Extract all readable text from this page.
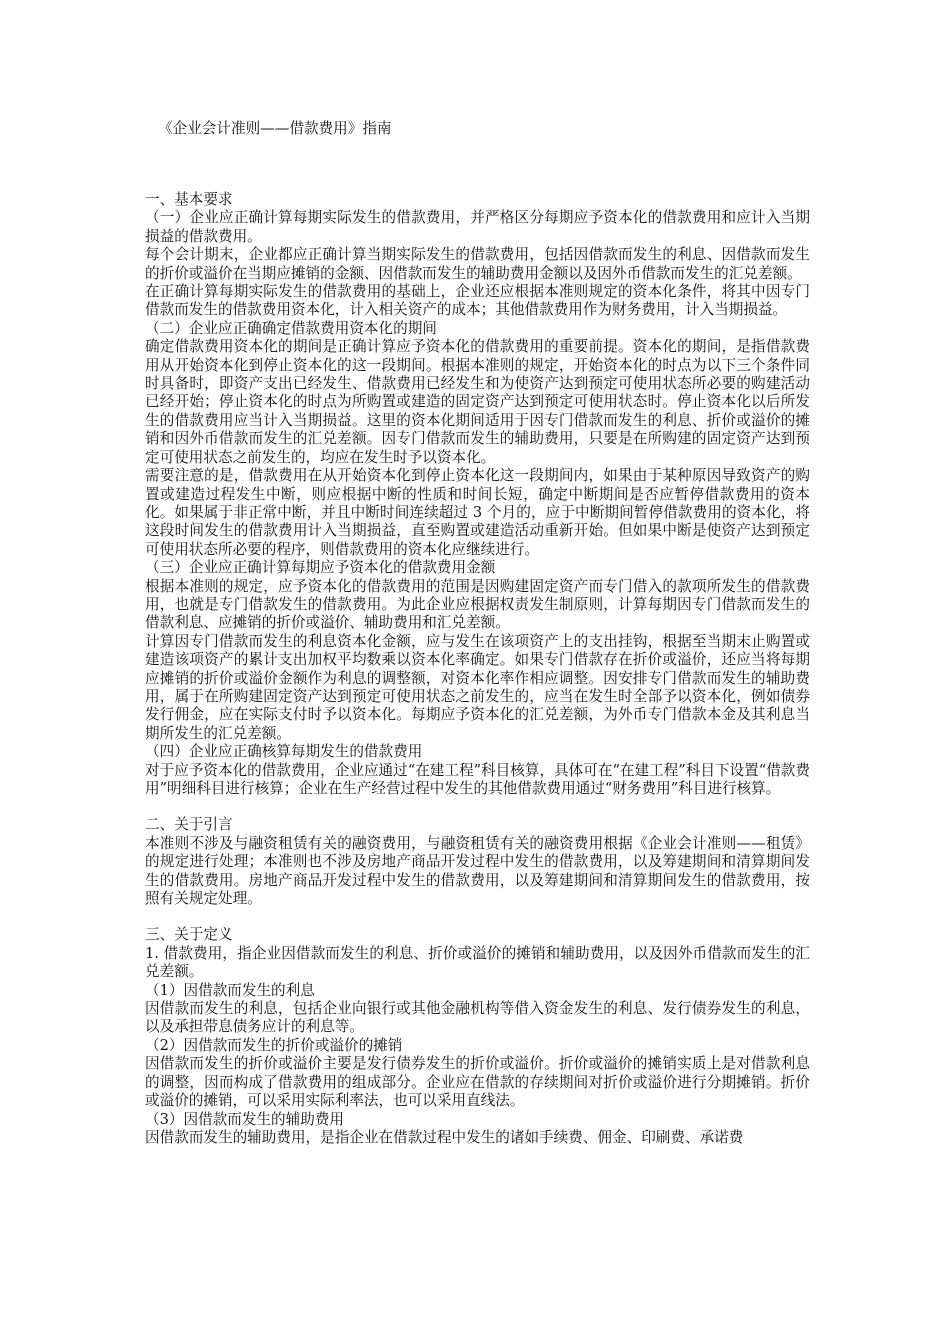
《企业会计准则——借款费用》指南

一、基本要求

（一）企业应正确计算每期实际发生的借款费用，并严格区分每期应予资本化的借款费用和应计入当期损益的借款费用。

每个会计期末，企业都应正确计算当期实际发生的借款费用，包括因借款而发生的利息、因借款而发生的折价或溢价在当期应摊销的金额、因借款而发生的辅助费用金额以及因外币借款而发生的汇兑差额。

在正确计算每期实际发生的借款费用的基础上，企业还应根据本准则规定的资本化条件，将其中因专门借款而发生的借款费用资本化，计入相关资产的成本；其他借款费用作为财务费用，计入当期损益。

（二）企业应正确确定借款费用资本化的期间

确定借款费用资本化的期间是正确计算应予资本化的借款费用的重要前提。资本化的期间，是指借款费用从开始资本化到停止资本化的这一段期间。根据本准则的规定，开始资本化的时点为以下三个条件同时具备时，即资产支出已经发生、借款费用已经发生和为使资产达到预定可使用状态所必要的购建活动已经开始；停止资本化的时点为所购置或建造的固定资产达到预定可使用状态时。停止资本化以后所发生的借款费用应当计入当期损益。这里的资本化期间适用于因专门借款而发生的利息、折价或溢价的摊销和因外币借款而发生的汇兑差额。因专门借款而发生的辅助费用，只要是在所购建的固定资产达到预定可使用状态之前发生的，均应在发生时予以资本化。

需要注意的是，借款费用在从开始资本化到停止资本化这一段期间内，如果由于某种原因导致资产的购置或建造过程发生中断，则应根据中断的性质和时间长短，确定中断期间是否应暂停借款费用的资本化。如果属于非正常中断，并且中断时间连续超过 3 个月的，应于中断期间暂停借款费用的资本化，将这段时间发生的借款费用计入当期损益，直至购置或建造活动重新开始。但如果中断是使资产达到预定可使用状态所必要的程序，则借款费用的资本化应继续进行。

（三）企业应正确计算每期应予资本化的借款费用金额

根据本准则的规定，应予资本化的借款费用的范围是因购建固定资产而专门借入的款项所发生的借款费用，也就是专门借款发生的借款费用。为此企业应根据权责发生制原则，计算每期因专门借款而发生的借款利息、应摊销的折价或溢价、辅助费用和汇兑差额。

计算因专门借款而发生的利息资本化金额，应与发生在该项资产上的支出挂钩，根据至当期末止购置或建造该项资产的累计支出加权平均数乘以资本化率确定。如果专门借款存在折价或溢价，还应当将每期应摊销的折价或溢价金额作为利息的调整额，对资本化率作相应调整。因安排专门借款而发生的辅助费用，属于在所购建固定资产达到预定可使用状态之前发生的，应当在发生时全部予以资本化，例如债券发行佣金，应在实际支付时予以资本化。每期应予资本化的汇兑差额，为外币专门借款本金及其利息当期所发生的汇兑差额。

（四）企业应正确核算每期发生的借款费用

对于应予资本化的借款费用，企业应通过“在建工程”科目核算，具体可在“在建工程”科目下设置“借款费用”明细科目进行核算；企业在生产经营过程中发生的其他借款费用通过“财务费用”科目进行核算。

二、关于引言

本准则不涉及与融资租赁有关的融资费用，与融资租赁有关的融资费用根据《企业会计准则——租赁》的规定进行处理；本准则也不涉及房地产商品开发过程中发生的借款费用，以及筹建期间和清算期间发生的借款费用。房地产商品开发过程中发生的借款费用，以及筹建期间和清算期间发生的借款费用，按照有关规定处理。

三、关于定义

1. 借款费用，指企业因借款而发生的利息、折价或溢价的摊销和辅助费用，以及因外币借款而发生的汇兑差额。

（1）因借款而发生的利息

因借款而发生的利息，包括企业向银行或其他金融机构等借入资金发生的利息、发行债券发生的利息，以及承担带息债务应计的利息等。

（2）因借款而发生的折价或溢价的摊销

因借款而发生的折价或溢价主要是发行债券发生的折价或溢价。折价或溢价的摊销实质上是对借款利息的调整，因而构成了借款费用的组成部分。企业应在借款的存续期间对折价或溢价进行分期摊销。折价或溢价的摊销，可以采用实际利率法，也可以采用直线法。

（3）因借款而发生的辅助费用

因借款而发生的辅助费用，是指企业在借款过程中发生的诸如手续费、佣金、印刷费、承诺费
